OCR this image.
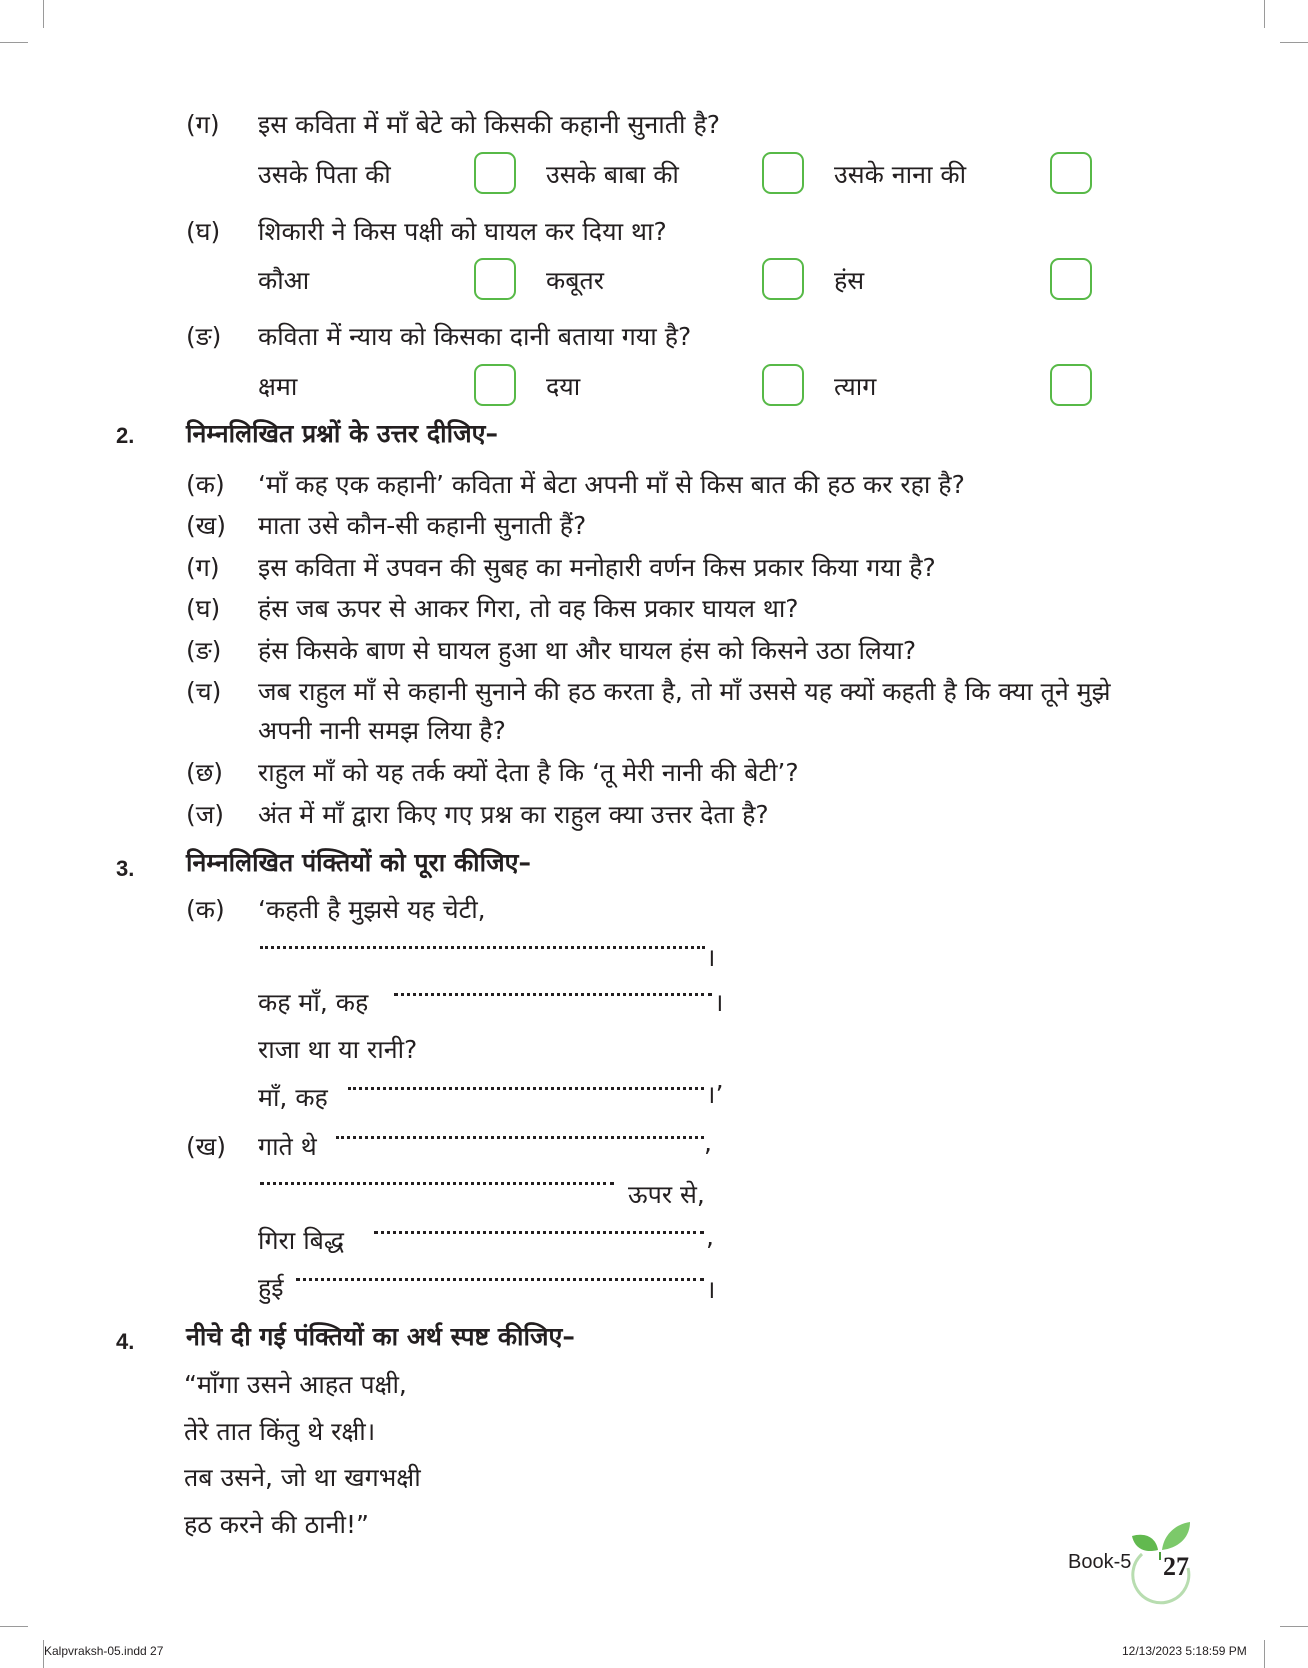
(ग) इस कविता में माँ बेटे को किसकी कहानी सुनाती है?
उसके पिता की	उसके बाबा की	उसके नाना की
(घ) शिकारी ने किस पक्षी को घायल कर दिया था?
कौआ	कबूतर	हंस
(ङ) कविता में न्याय को किसका दानी बताया गया है?
क्षमा	दया	त्याग
2. निम्नलिखित प्रश्नों के उत्तर दीजिए–
(क) ‘माँ कह एक कहानी’ कविता में बेटा अपनी माँ से किस बात की हठ कर रहा है?
(ख) माता उसे कौन-सी कहानी सुनाती हैं?
(ग) इस कविता में उपवन की सुबह का मनोहारी वर्णन किस प्रकार किया गया है?
(घ) हंस जब ऊपर से आकर गिरा, तो वह किस प्रकार घायल था?
(ङ) हंस किसके बाण से घायल हुआ था और घायल हंस को किसने उठा लिया?
(च) जब राहुल माँ से कहानी सुनाने की हठ करता है, तो माँ उससे यह क्यों कहती है कि क्या तूने मुझे
अपनी नानी समझ लिया है?
(छ) राहुल माँ को यह तर्क क्यों देता है कि ‘तू मेरी नानी की बेटी’?
(ज) अंत में माँ द्वारा किए गए प्रश्न का राहुल क्या उत्तर देता है?
3. निम्नलिखित पंक्तियों को पूरा कीजिए–
(क) ‘कहती है मुझसे यह चेटी,
।
कह माँ, कह	।
राजा था या रानी?
माँ, कह	।’
(ख) गाते थे	,
ऊपर से,
गिरा बिद्ध	,
हुई	।
4. नीचे दी गई पंक्तियों का अर्थ स्पष्ट कीजिए–
“माँगा उसने आहत पक्षी,
तेरे तात किंतु थे रक्षी।
तब उसने, जो था खगभक्षी
हठ करने की ठानी!”
Book-5 27
Kalpvraksh-05.indd 27	12/13/2023 5:18:59 PM
